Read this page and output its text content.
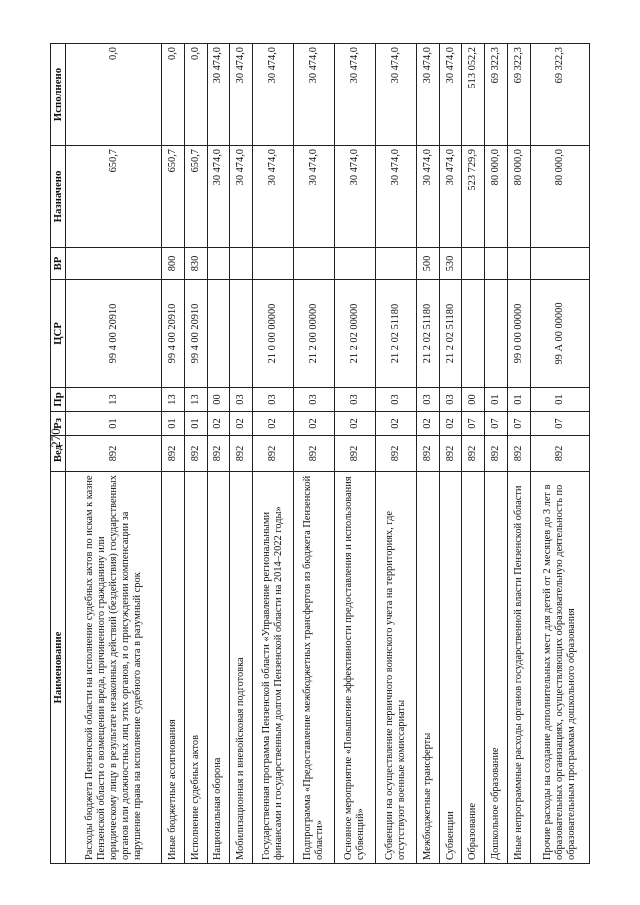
270
Наименование	Вед	Рз	Пр	ЦСР	ВР	Назначено	Исполнено
Расходы бюджета Пензенской области на исполнение судебных актов по искам к казне Пензенской области о возмещении вреда, причиненного гражданину или юридическому лицу в результате незаконных действий (бездействия) государственных органов или должностных лиц этих органов, и о присуждении компенсации за нарушение права на исполнение судебного акта в разумный срок	892	01	13	99 4 00 20910		650,7	0,0
Иные бюджетные ассигнования	892	01	13	99 4 00 20910	800	650,7	0,0
Исполнение судебных актов	892	01	13	99 4 00 20910	830	650,7	0,0
Национальная оборона	892	02	00			30 474,0	30 474,0
Мобилизационная и вневойсковая подготовка	892	02	03			30 474,0	30 474,0
Государственная программа Пензенской области «Управление региональными финансами и государственным долгом Пензенской области на 2014–2022 годы»	892	02	03	21 0 00 00000		30 474,0	30 474,0
Подпрограмма «Предоставление межбюджетных трансфертов из бюджета Пензенской области»	892	02	03	21 2 00 00000		30 474,0	30 474,0
Основное мероприятие «Повышение эффективности предоставления и использования субвенций»	892	02	03	21 2 02 00000		30 474,0	30 474,0
Субвенции на осуществление первичного воинского учета на территориях, где отсутствуют военные комиссариаты	892	02	03	21 2 02 51180		30 474,0	30 474,0
Межбюджетные трансферты	892	02	03	21 2 02 51180	500	30 474,0	30 474,0
Субвенции	892	02	03	21 2 02 51180	530	30 474,0	30 474,0
Образование	892	07	00			523 729,9	513 052,2
Дошкольное образование	892	07	01			80 000,0	69 322,3
Иные непрограммные расходы органов государственной власти Пензенской области	892	07	01	99 0 00 00000		80 000,0	69 322,3
Прочие расходы на создание дополнительных мест для детей от 2 месяцев до 3 лет в образовательных организациях, осуществляющих образовательную деятельность по образовательным программам дошкольного образования	892	07	01	99 А 00 00000		80 000,0	69 322,3
